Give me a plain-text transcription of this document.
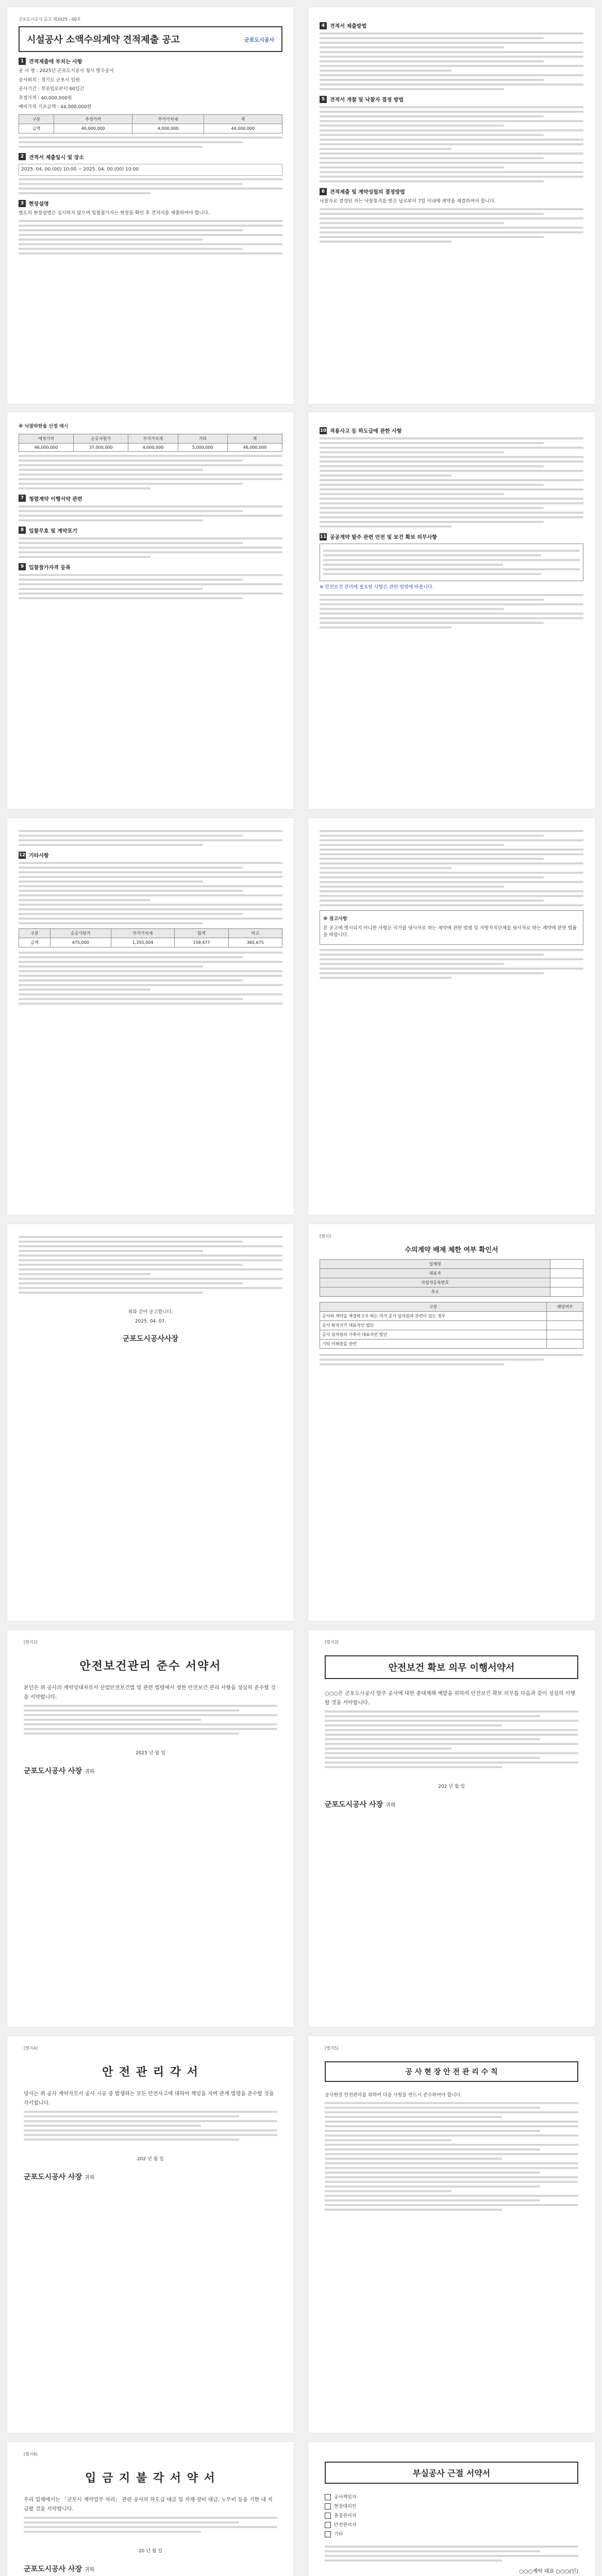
군포도시공사 공고 제2025 - 00호
시설공사 소액수의계약 견적제출 공고	군포도시공사
1 견적제출에 부치는 사항
공 사 명 : 2025년 군포도시공사 청사 방수공사
공사위치 : 경기도 군포시 일원
공사기간 : 착공일로부터 60일간
추정가격 : 40,000,000원
예비가격 기초금액 : 44,000,000원
구분	추정가격	부가가치세	계
금액	40,000,000	4,000,000	44,000,000
2 견적서 제출일시 및 장소
2025. 04. 00.(00) 10:00 ~ 2025. 04. 00.(00) 10:00
3 현장설명
별도의 현장설명은 실시하지 않으며 입찰참가자는 현장을 확인 후 견적서를 제출하여야 합니다.
4 견적서 제출방법
5 견적서 개찰 및 낙찰자 결정 방법
6 견적제출 및 계약성립의 결정방법
낙찰자로 결정된 자는 낙찰통지를 받은 날로부터 7일 이내에 계약을 체결하여야 합니다.
※ 낙찰하한율 산정 예시
예정가격	순공사원가	부가가치세	기타	계
46,000,000	37,000,000	4,000,000	5,000,000	46,000,000
7 청렴계약 이행서약 관련
8 입찰무효 및 계약포기
9 입찰참가자격 등록
10 적용사고 등 하도급에 관한 사항
11 공공계약 발주 관련 안전 및 보건 확보 의무사항
※ 안전보건 관리에 필요한 사항은 관련 법령에 따릅니다.
12 기타사항
구분	순공사원가	부가가치세	합계	비고
금액	475,000	1,355,004	158,477	365,675
※ 참고사항
본 공고에 명시되지 아니한 사항은 국가를 당사자로 하는 계약에 관한 법령 및 지방자치단체를 당사자로 하는 계약에 관한 법률을 따릅니다.
위와 같이 공고합니다.
2025. 04. 07.
군포도시공사사장
[별지]
수의계약 배제 체한 여부 확인서
업체명	
대표자	
사업자등록번호	
주소	
구분	해당여부
공사와 계약을 체결하고자 하는 자가 공사 임직원과 관련이 있는 경우	
공사 퇴직자가 대표자인 법인	
공사 임직원의 가족이 대표자인 법인	
기타 이해충돌 관련	
[별지2]
안전보건관리 준수 서약서
본인은 위 공사의 계약상대자로서 산업안전보건법 및 관련 법령에서 정한 안전보건 관리 사항을 성실히 준수할 것을 서약합니다.
2025 년 월 일
군포도시공사 사장 귀하
[별지3]
안전보건 확보 의무 이행서약서
○○○은 군포도시공사 발주 공사에 대한 중대재해 예방을 위하여 안전보건 확보 의무를 다음과 같이 성실히 이행할 것을 서약합니다.
202 년 월 일
군포도시공사 사장 귀하
[별지4]
안 전 관 리 각 서
당사는 위 공사 계약자로서 공사 시공 중 발생하는 모든 안전사고에 대하여 책임을 지며 관계 법령을 준수할 것을 각서합니다.
202 년 월 일
군포도시공사 사장 귀하
[별지5]
공 사 현 장 안 전 관 리 수 칙
공사현장 안전관리를 위하여 다음 사항을 반드시 준수하여야 합니다.
[별지6]
입 금 지 불 각 서 약 서
우리 업체에서는 「군포시 계약업무 처리」 관련 공사의 하도급 대금 및 자재·장비 대금, 노무비 등을 기한 내 지급할 것을 서약합니다.
20 년 월 일
군포도시공사 사장 귀하
부실공사 근절 서약서
공사책임자
현장대리인
품질관리자
안전관리자
기타
○○○계약 대표 ○○○(인)
